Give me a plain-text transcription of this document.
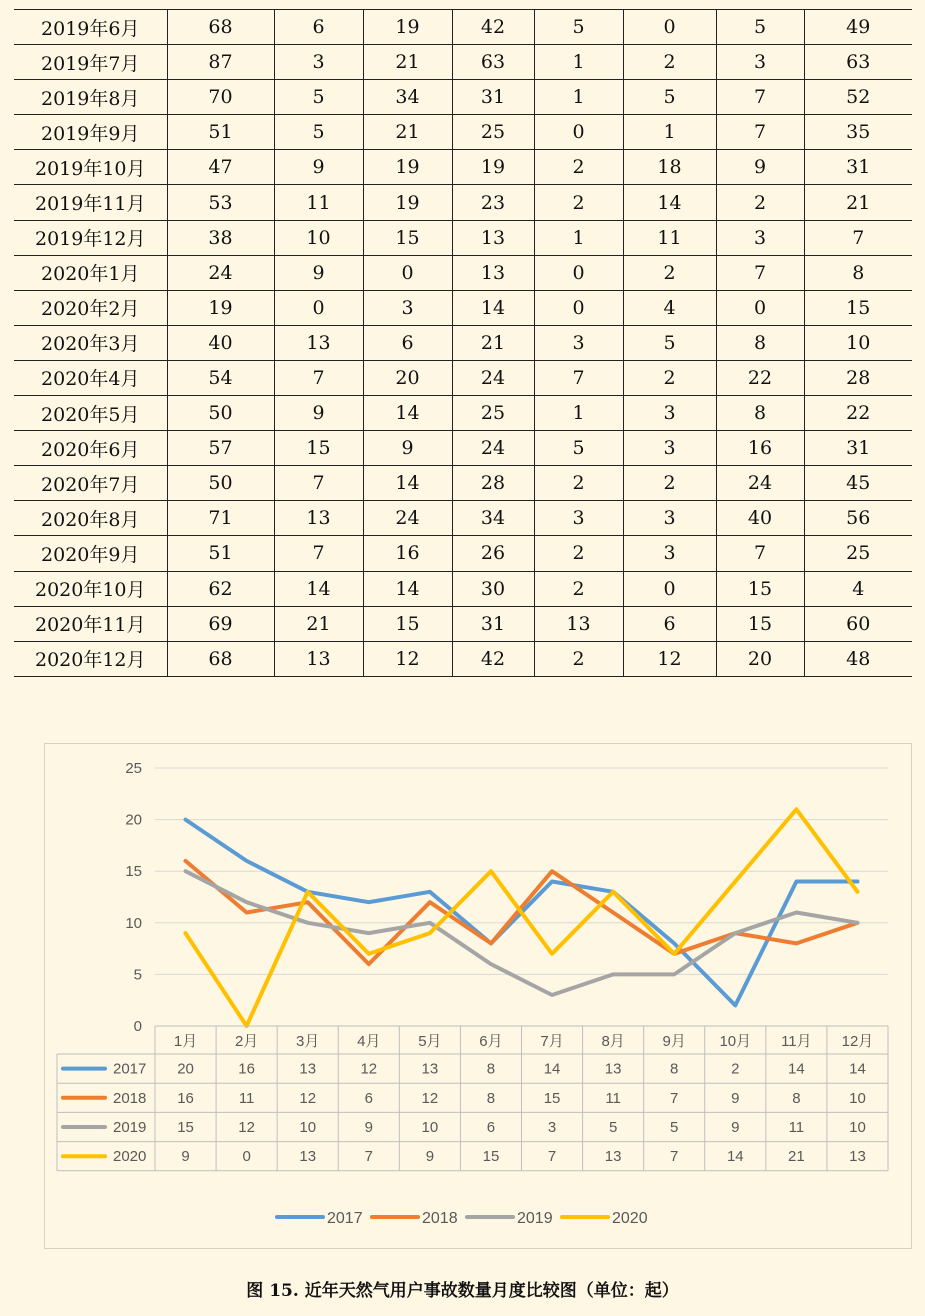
2019年6月	68	6	19	42	5	0	5	49
2019年7月	87	3	21	63	1	2	3	63
2019年8月	70	5	34	31	1	5	7	52
2019年9月	51	5	21	25	0	1	7	35
2019年10月	47	9	19	19	2	18	9	31
2019年11月	53	11	19	23	2	14	2	21
2019年12月	38	10	15	13	1	11	3	7
2020年1月	24	9	0	13	0	2	7	8
2020年2月	19	0	3	14	0	4	0	15
2020年3月	40	13	6	21	3	5	8	10
2020年4月	54	7	20	24	7	2	22	28
2020年5月	50	9	14	25	1	3	8	22
2020年6月	57	15	9	24	5	3	16	31
2020年7月	50	7	14	28	2	2	24	45
2020年8月	71	13	24	34	3	3	40	56
2020年9月	51	7	16	26	2	3	7	25
2020年10月	62	14	14	30	2	0	15	4
2020年11月	69	21	15	31	13	6	15	60
2020年12月	68	13	12	42	2	12	20	48
0
5
10
15
20
25
1月	2月	3月	4月	5月	6月	7月	8月	9月 10月 11月 12月
2017 20	16	13	12	13	8	14	13	8	2	14	14
2018 16	11	12	6	12	8	15	11	7	9	8	10
2019 15	12	10	9	10	6	3	5	5	9	11	10
2020 9	0	13	7	9	15	7	13	7	14	21	13
2017	2018	2019	2020
图 15. 近年天然气用户事故数量月度比较图（单位：起）
